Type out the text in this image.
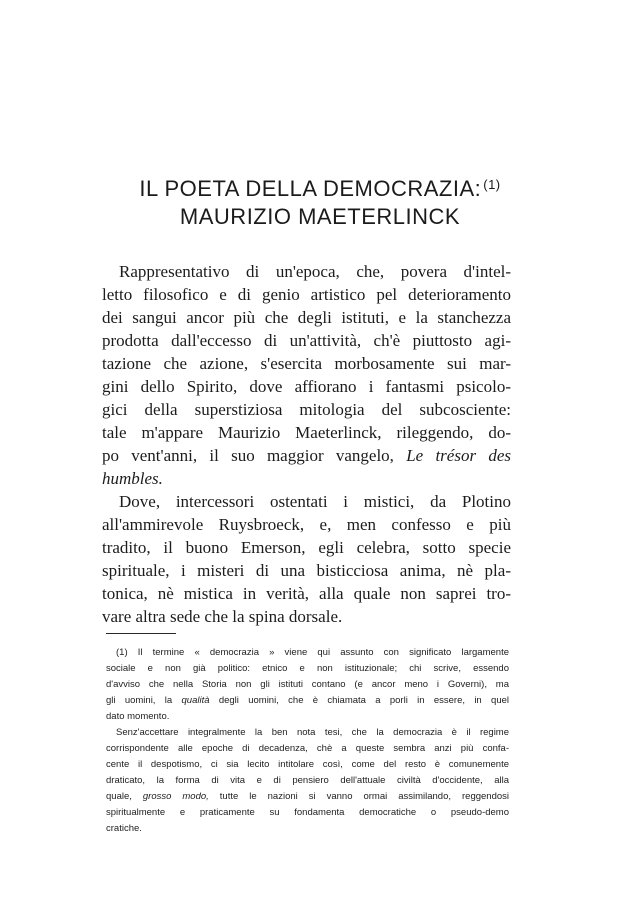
IL POETA DELLA DEMOCRAZIA: $^{(1)}$
MAURIZIO MAETERLINCK
Rappresentativo di un'epoca, che, povera d'intel-
letto filosofico e di genio artistico pel deterioramento
dei sangui ancor più che degli istituti, e la stanchezza
prodotta dall'eccesso di un'attività, ch'è piuttosto agi-
tazione che azione, s'esercita morbosamente sui mar-
gini dello Spirito, dove affiorano i fantasmi psicolo-
gici della superstiziosa mitologia del subcosciente:
tale m'appare Maurizio Maeterlinck, rileggendo, do-
po vent'anni, il suo maggior vangelo, Le trésor des
humbles.
Dove, intercessori ostentati i mistici, da Plotino
all'ammirevole Ruysbroeck, e, men confesso e più
tradito, il buono Emerson, egli celebra, sotto specie
spirituale, i misteri di una bisticciosa anima, nè pla-
tonica, nè mistica in verità, alla quale non saprei tro-
vare altra sede che la spina dorsale.
(1) Il termine « democrazia » viene qui assunto con significato largamente
sociale e non già politico: etnico e non istituzionale; chi scrive, essendo
d'avviso che nella Storia non gli istituti contano (e ancor meno i Governi), ma
gli uomini, la qualità degli uomini, che è chiamata a porli in essere, in quel
dato momento.
Senz'accettare integralmente la ben nota tesi, che la democrazia è il regime
corrispondente alle epoche di decadenza, chè a queste sembra anzi più confa-
cente il despotismo, ci sia lecito intitolare così, come del resto è comunemente
draticato, la forma di vita e di pensiero dell'attuale civiltà d'occidente, alla
quale, grosso modo, tutte le nazioni si vanno ormai assimilando, reggendosi
spiritualmente e praticamente su fondamenta democratiche o pseudo-demo
cratiche.
